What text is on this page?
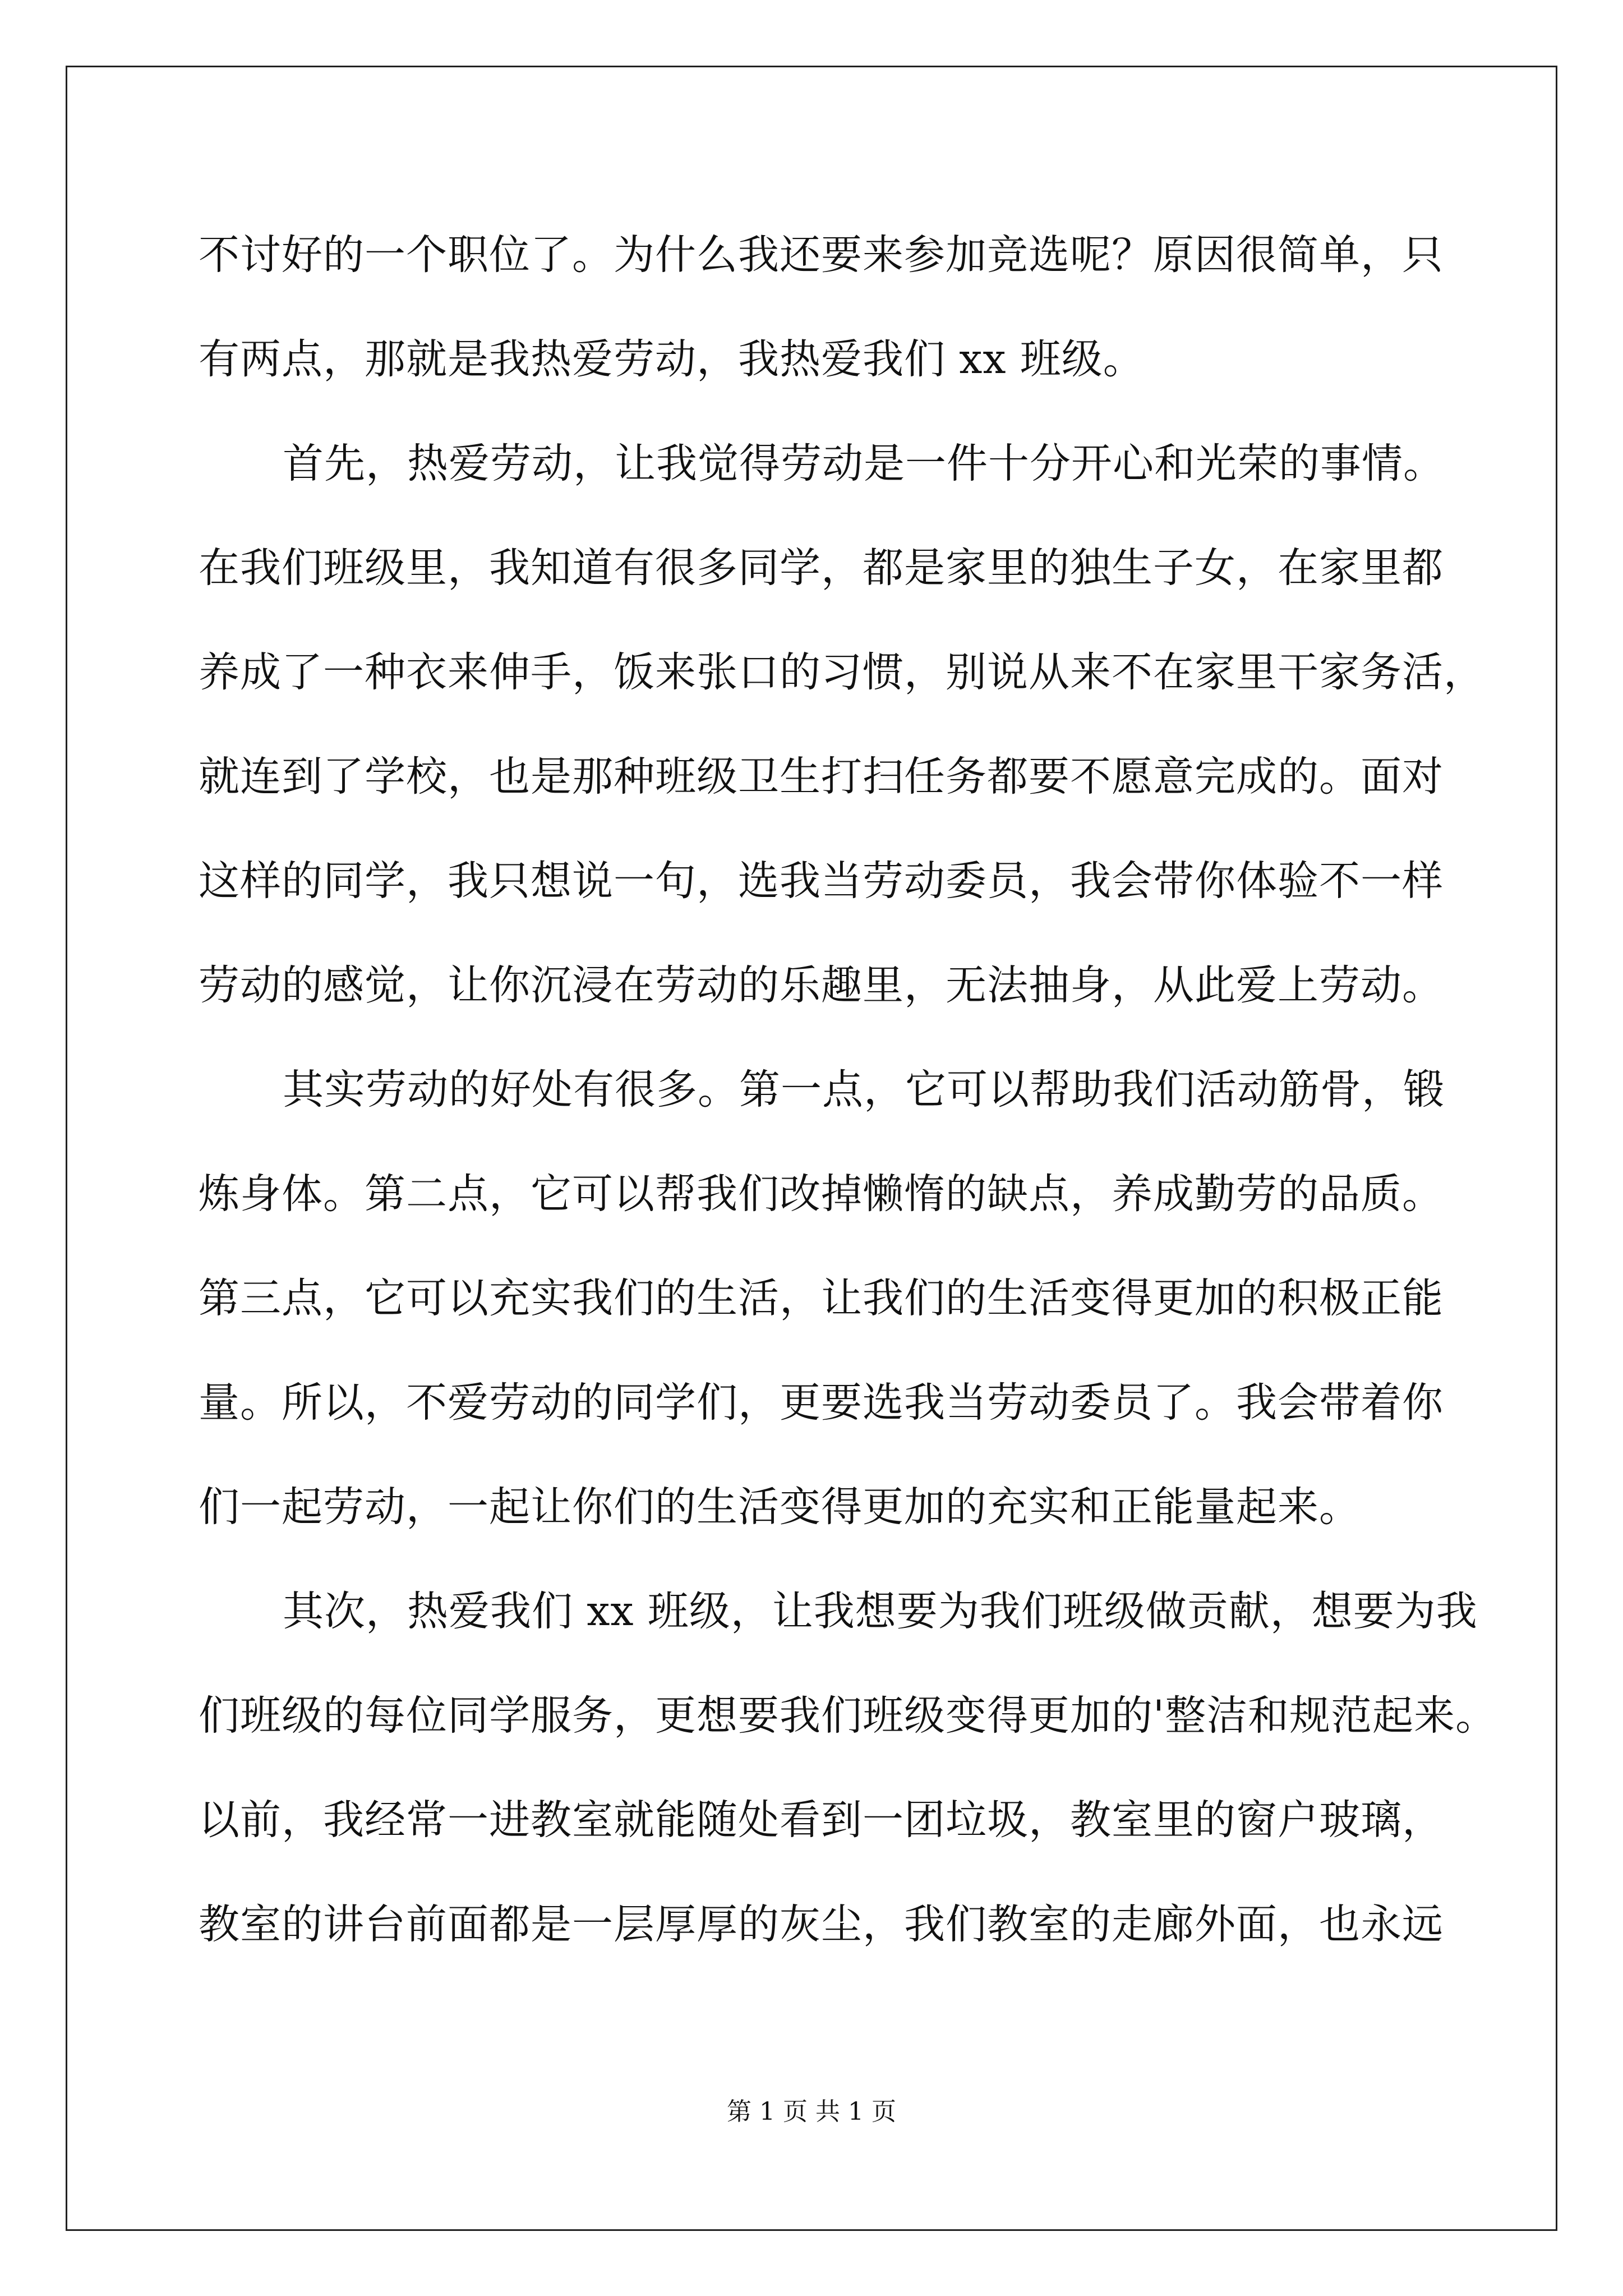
不讨好的一个职位了。为什么我还要来参加竞选呢？原因很简单，只
有两点，那就是我热爱劳动，我热爱我们 xx 班级。
首先，热爱劳动，让我觉得劳动是一件十分开心和光荣的事情。
在我们班级里，我知道有很多同学，都是家里的独生子女，在家里都
养成了一种衣来伸手，饭来张口的习惯，别说从来不在家里干家务活，
就连到了学校，也是那种班级卫生打扫任务都要不愿意完成的。面对
这样的同学，我只想说一句，选我当劳动委员，我会带你体验不一样
劳动的感觉，让你沉浸在劳动的乐趣里，无法抽身，从此爱上劳动。
其实劳动的好处有很多。第一点，它可以帮助我们活动筋骨，锻
炼身体。第二点，它可以帮我们改掉懒惰的缺点，养成勤劳的品质。
第三点，它可以充实我们的生活，让我们的生活变得更加的积极正能
量。所以，不爱劳动的同学们，更要选我当劳动委员了。我会带着你
们一起劳动，一起让你们的生活变得更加的充实和正能量起来。
其次，热爱我们 xx 班级，让我想要为我们班级做贡献，想要为我
们班级的每位同学服务，更想要我们班级变得更加的'整洁和规范起来。
以前，我经常一进教室就能随处看到一团垃圾，教室里的窗户玻璃，
教室的讲台前面都是一层厚厚的灰尘，我们教室的走廊外面，也永远
第 1 页 共 1 页
